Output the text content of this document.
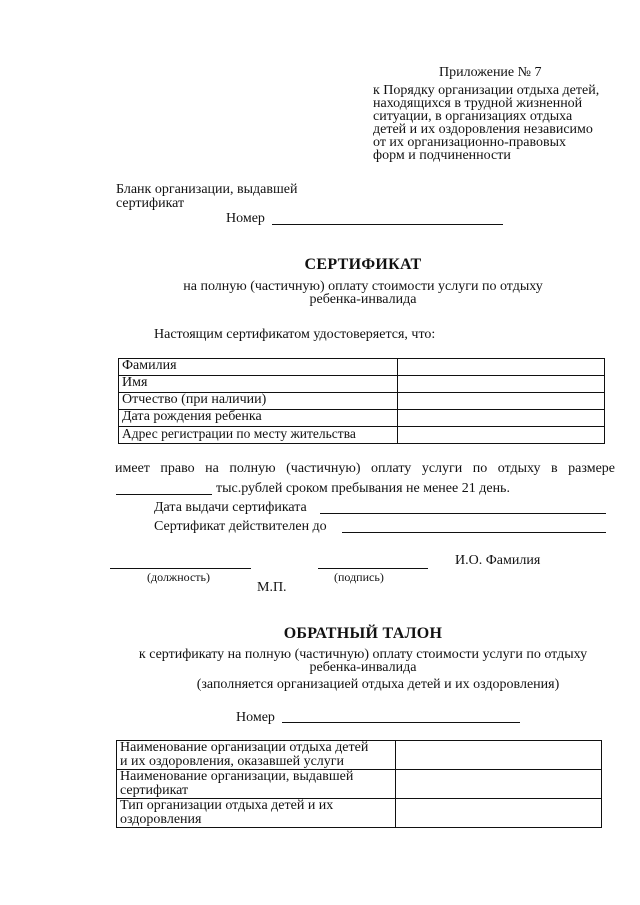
Приложение № 7
к Порядку организации отдыха детей,
находящихся в трудной жизненной
ситуации, в организациях отдыха
детей и их оздоровления независимо
от их организационно-правовых
форм и подчиненности
Бланк организации, выдавшей
сертификат
Номер
СЕРТИФИКАТ
на полную (частичную) оплату стоимости услуги по отдыху
ребенка-инвалида
Настоящим сертификатом удостоверяется, что:
Фамилия	
Имя	
Отчество (при наличии)	
Дата рождения ребенка	
Адрес регистрации по месту жительства	
имеет право на полную (частичную) оплату услуги по отдыху в размере
тыс.рублей сроком пребывания не менее 21 день.
Дата выдачи сертификата
Сертификат действителен до
И.О. Фамилия
(должность)	(подпись)
М.П.
ОБРАТНЫЙ ТАЛОН
к сертификату на полную (частичную) оплату стоимости услуги по отдыху
ребенка-инвалида
(заполняется организацией отдыха детей и их оздоровления)
Номер
Наименование организации отдыха детей
и их оздоровления, оказавшей услуги	

Наименование организации, выдавшей
сертификат	

Тип организации отдыха детей и их
оздоровления	
